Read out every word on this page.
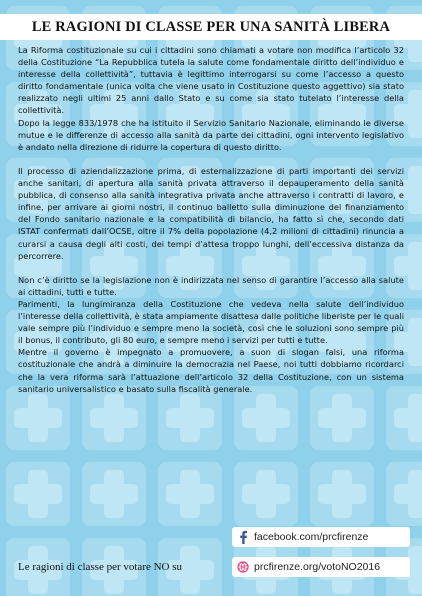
LE RAGIONI DI CLASSE PER UNA SANITÀ LIBERA

La Riforma costituzionale su cui i cittadini sono chiamati a votare non modifica l’articolo 32 della Costituzione “La Repubblica tutela la salute come fondamentale diritto dell’individuo e interesse della collettività”, tuttavia è legittimo interrogarsi su come l’accesso a questo diritto fondamentale (unica volta che viene usato in Costituzione questo aggettivo) sia stato realizzato negli ultimi 25 anni dallo Stato e su come sia stato tutelato l’interesse della collettività.

Dopo la legge 833/1978 che ha istituito il Servizio Sanitario Nazionale, eliminando le diverse mutue e le differenze di accesso alla sanità da parte dei cittadini, ogni intervento legislativo è andato nella direzione di ridurre la copertura di questo diritto.

Il processo di aziendalizzazione prima, di esternalizzazione di parti importanti dei servizi anche sanitari, di apertura alla sanità privata attraverso il depauperamento della sanità pubblica, di consenso alla sanità integrativa privata anche attraverso i contratti di lavoro, e infine, per arrivare ai giorni nostri, il continuo balletto sulla diminuzione del finanziamento del Fondo sanitario nazionale e la compatibilità di bilancio, ha fatto sì che, secondo dati ISTAT confermati dall’OCSE, oltre il 7% della popolazione (4,2 milioni di cittadini) rinuncia a curarsi a causa degli alti costi, dei tempi d’attesa troppo lunghi, dell’eccessiva distanza da percorrere.

Non c’è diritto se la legislazione non è indirizzata nel senso di garantire l’accesso alla salute ai cittadini, tutti e tutte.

Parimenti, la lungimiranza della Costituzione che vedeva nella salute dell’individuo l’interesse della collettività, è stata ampiamente disattesa dalle politiche liberiste per le quali vale sempre più l’individuo e sempre meno la società, così che le soluzioni sono sempre più il bonus, il contributo, gli 80 euro, e sempre meno i servizi per tutti e tutte.

Mentre il governo è impegnato a promuovere, a suon di slogan falsi, una riforma costituzionale che andrà a diminuire la democrazia nel Paese, noi tutti dobbiamo ricordarci che la vera riforma sarà l’attuazione dell’articolo 32 della Costituzione, con un sistema sanitario universalistico e basato sulla fiscalità generale.

Le ragioni di classe per votare NO su
facebook.com/prcfirenze
prcfirenze.org/votoNO2016
